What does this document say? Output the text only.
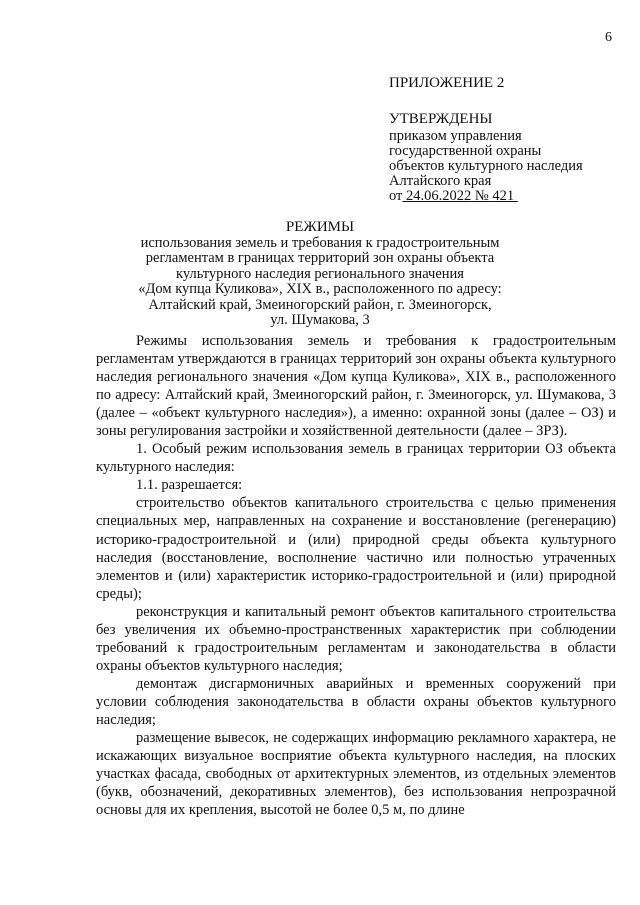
6
ПРИЛОЖЕНИЕ 2
УТВЕРЖДЕНЫ
приказом управления
государственной охраны
объектов культурного наследия
Алтайского края
от 24.06.2022 № 421
РЕЖИМЫ
использования земель и требования к градостроительным
регламентам в границах территорий зон охраны объекта
культурного наследия регионального значения
«Дом купца Куликова», XIX в., расположенного по адресу:
Алтайский край, Змеиногорский район, г. Змеиногорск,
ул. Шумакова, 3

Режимы использования земель и требования к градостроительным регламентам утверждаются в границах территорий зон охраны объекта культурного наследия регионального значения «Дом купца Куликова», XIX в., расположенного по адресу: Алтайский край, Змеиногорский район, г. Змеиногорск, ул. Шумакова, 3 (далее – «объект культурного наследия»), а именно: охранной зоны (далее – ОЗ) и зоны регулирования застройки и хозяйственной деятельности (далее – ЗРЗ).

1. Особый режим использования земель в границах территории ОЗ объекта культурного наследия:

1.1. разрешается:

строительство объектов капитального строительства с целью применения специальных мер, направленных на сохранение и восстановление (регенерацию) историко-градостроительной и (или) природной среды объекта культурного наследия (восстановление, восполнение частично или полностью утраченных элементов и (или) характеристик историко-градостроительной и (или) природной среды);

реконструкция и капитальный ремонт объектов капитального строительства без увеличения их объемно-пространственных характеристик при соблюдении требований к градостроительным регламентам и законодательства в области охраны объектов культурного наследия;

демонтаж дисгармоничных аварийных и временных сооружений при условии соблюдения законодательства в области охраны объектов культурного наследия;

размещение вывесок, не содержащих информацию рекламного характера, не искажающих визуальное восприятие объекта культурного наследия, на плоских участках фасада, свободных от архитектурных элементов, из отдельных элементов (букв, обозначений, декоративных элементов), без использования непрозрачной основы для их крепления, высотой не более 0,5 м, по длине
